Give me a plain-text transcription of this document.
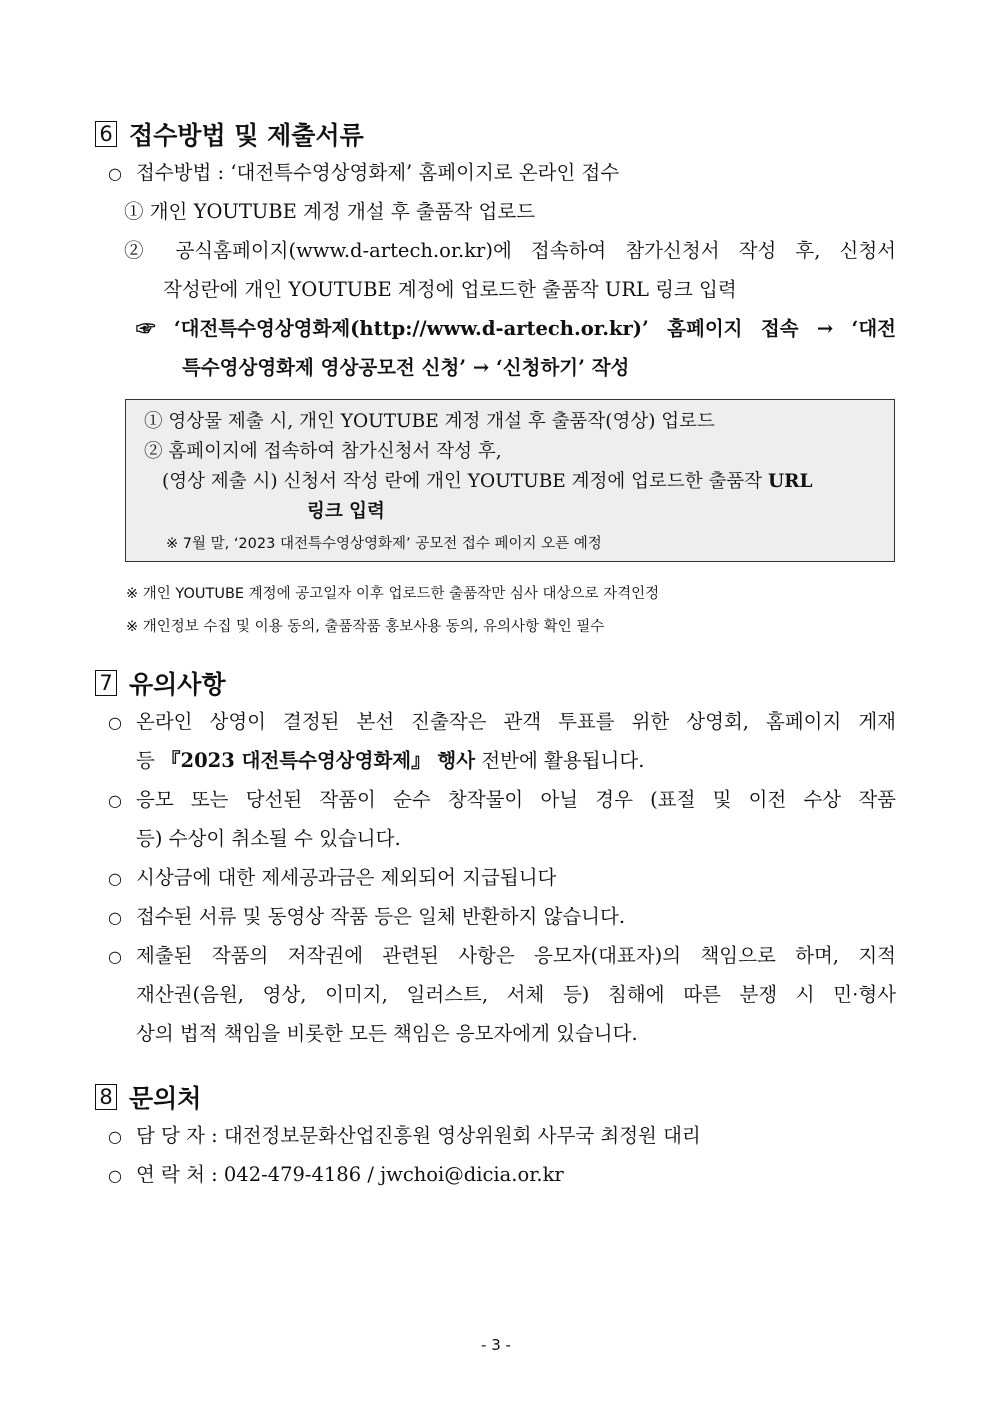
6 접수방법 및 제출서류
○ 접수방법 : ‘대전특수영상영화제’ 홈페이지로 온라인 접수
① 개인 YOUTUBE 계정 개설 후 출품작 업로드
② 공식홈페이지(www.d-artech.or.kr)에 접속하여 참가신청서 작성 후, 신청서
작성란에 개인 YOUTUBE 계정에 업로드한 출품작 URL 링크 입력
☞ ‘대전특수영상영화제(http://www.d-artech.or.kr)’ 홈페이지 접속 → ‘대전
특수영상영화제 영상공모전 신청’ → ‘신청하기’ 작성
① 영상물 제출 시, 개인 YOUTUBE 계정 개설 후 출품작(영상) 업로드
② 홈페이지에 접속하여 참가신청서 작성 후,
(영상 제출 시) 신청서 작성 란에 개인 YOUTUBE 계정에 업로드한 출품작 URL
링크 입력
※ 7월 말, ‘2023 대전특수영상영화제’ 공모전 접수 페이지 오픈 예정
※ 개인 YOUTUBE 계정에 공고일자 이후 업로드한 출품작만 심사 대상으로 자격인정
※ 개인정보 수집 및 이용 동의, 출품작품 홍보사용 동의, 유의사항 확인 필수
7 유의사항
○ 온라인 상영이 결정된 본선 진출작은 관객 투표를 위한 상영회, 홈페이지 게재
등 『2023 대전특수영상영화제』 행사 전반에 활용됩니다.
○ 응모 또는 당선된 작품이 순수 창작물이 아닐 경우 (표절 및 이전 수상 작품
등) 수상이 취소될 수 있습니다.
○ 시상금에 대한 제세공과금은 제외되어 지급됩니다
○ 접수된 서류 및 동영상 작품 등은 일체 반환하지 않습니다.
○ 제출된 작품의 저작권에 관련된 사항은 응모자(대표자)의 책임으로 하며, 지적
재산권(음원, 영상, 이미지, 일러스트, 서체 등) 침해에 따른 분쟁 시 민·형사
상의 법적 책임을 비롯한 모든 책임은 응모자에게 있습니다.
8 문의처
○ 담 당 자 : 대전정보문화산업진흥원 영상위원회 사무국 최정원 대리
○ 연 락 처 : 042-479-4186 / jwchoi@dicia.or.kr
- 3 -
